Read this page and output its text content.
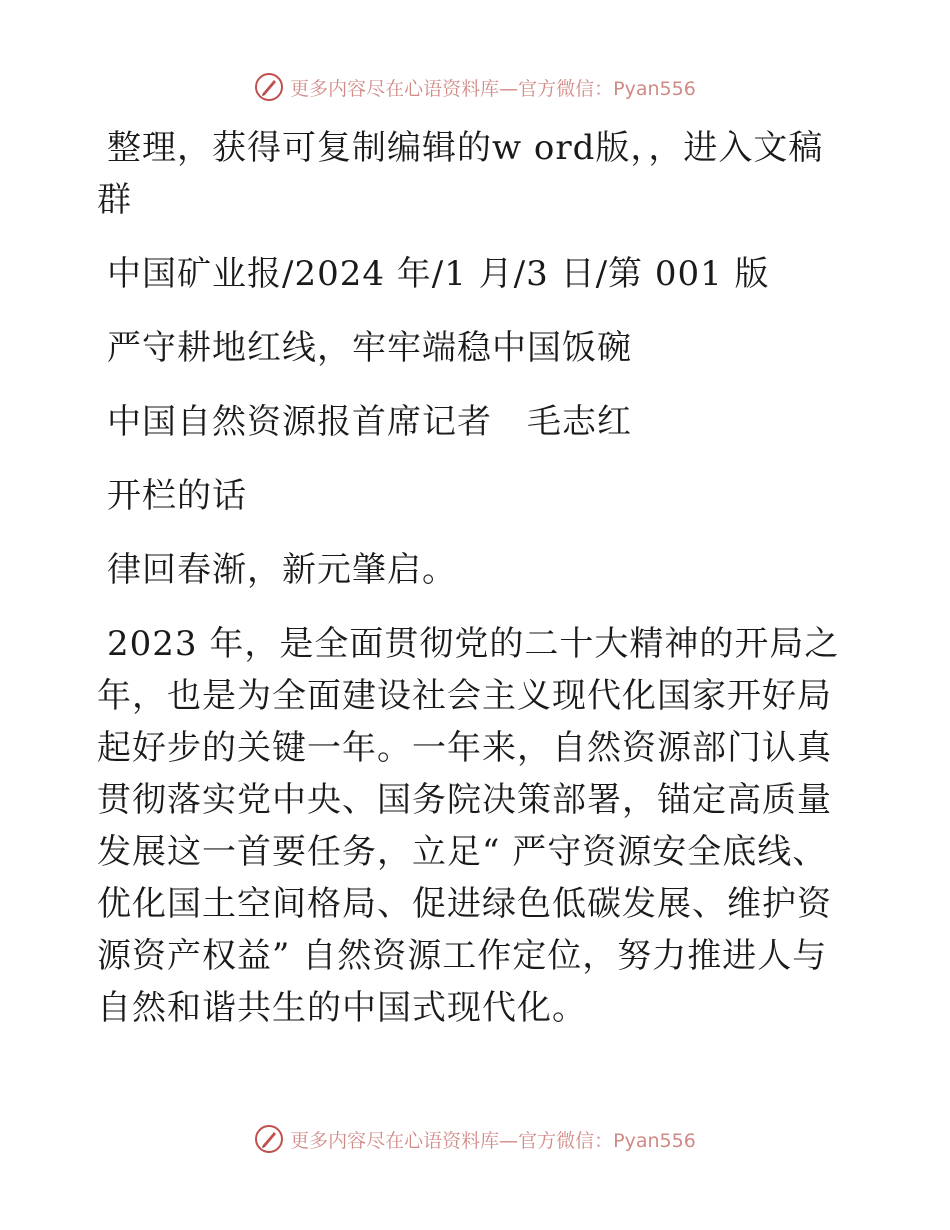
更多内容尽在心语资料库—官方微信：Pyan556

整理，获得可复制编辑的w ord版，，进入文稿群

中国矿业报/2024 年/1 月/3 日/第 001 版

严守耕地红线，牢牢端稳中国饭碗

中国自然资源报首席记者　毛志红

开栏的话

律回春渐，新元肇启。

2023 年，是全面贯彻党的二十大精神的开局之年，也是为全面建设社会主义现代化国家开好局起好步的关键一年。一年来，自然资源部门认真贯彻落实党中央、国务院决策部署，锚定高质量发展这一首要任务，立足“ 严守资源安全底线、优化国土空间格局、促进绿色低碳发展、维护资源资产权益” 自然资源工作定位，努力推进人与自然和谐共生的中国式现代化。

更多内容尽在心语资料库—官方微信：Pyan556
